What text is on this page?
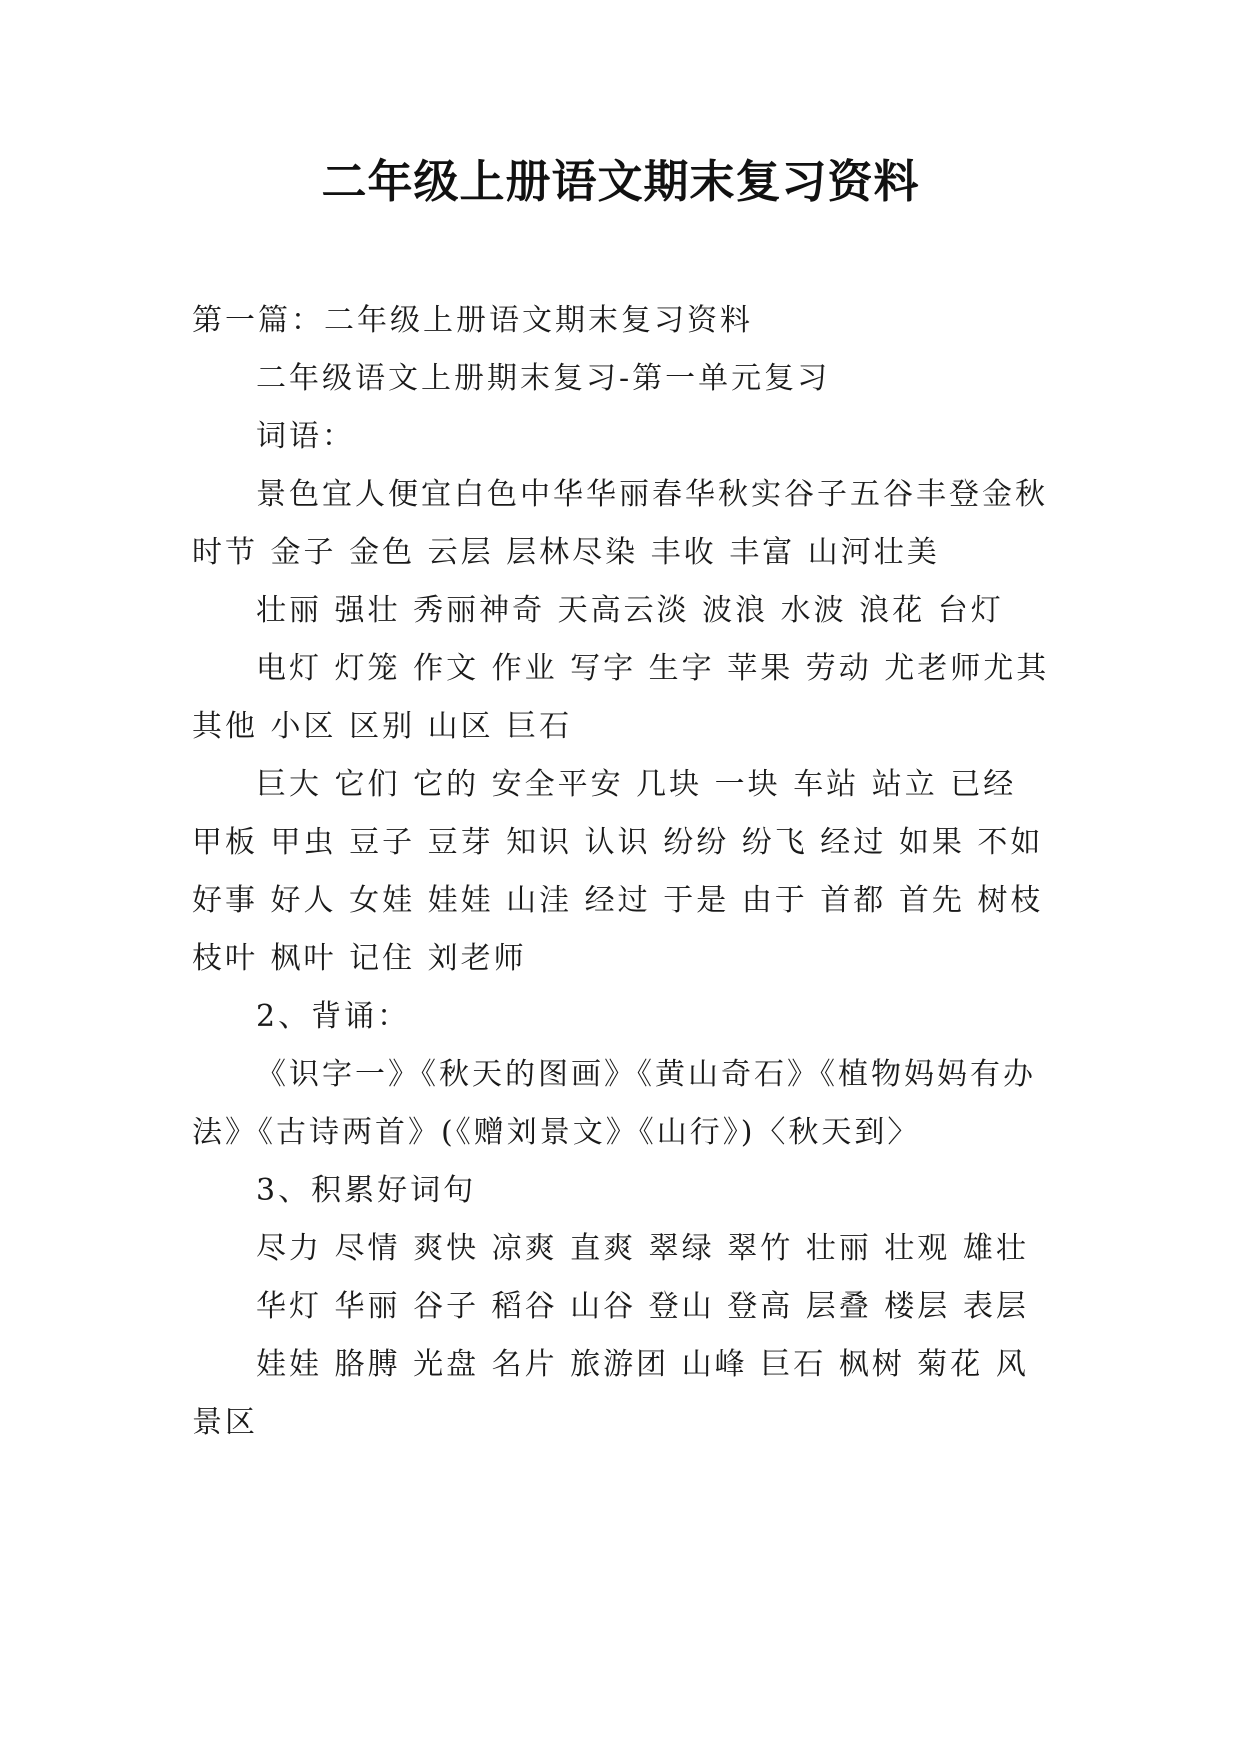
二年级上册语文期末复习资料

第一篇：二年级上册语文期末复习资料

二年级语文上册期末复习-第一单元复习

词语：

景色宜人便宜白色中华华丽春华秋实谷子五谷丰登金秋时节 金子 金色 云层 层林尽染 丰收 丰富 山河壮美

壮丽 强壮 秀丽神奇 天高云淡 波浪 水波 浪花 台灯

电灯 灯笼 作文 作业 写字 生字 苹果 劳动 尤老师尤其 其他 小区 区别 山区 巨石

巨大 它们 它的 安全平安 几块 一块 车站 站立 已经 甲板 甲虫 豆子 豆芽 知识 认识 纷纷 纷飞 经过 如果 不如 好事 好人 女娃 娃娃 山洼 经过 于是 由于 首都 首先 树枝 枝叶 枫叶 记住 刘老师

2、背诵：

《识字一》《秋天的图画》《黄山奇石》《植物妈妈有办法》《古诗两首》(《赠刘景文》《山行》)〈秋天到〉

3、积累好词句

尽力 尽情 爽快 凉爽 直爽 翠绿 翠竹 壮丽 壮观 雄壮

华灯 华丽 谷子 稻谷 山谷 登山 登高 层叠 楼层 表层

娃娃 胳膊 光盘 名片 旅游团 山峰 巨石 枫树 菊花 风景区
